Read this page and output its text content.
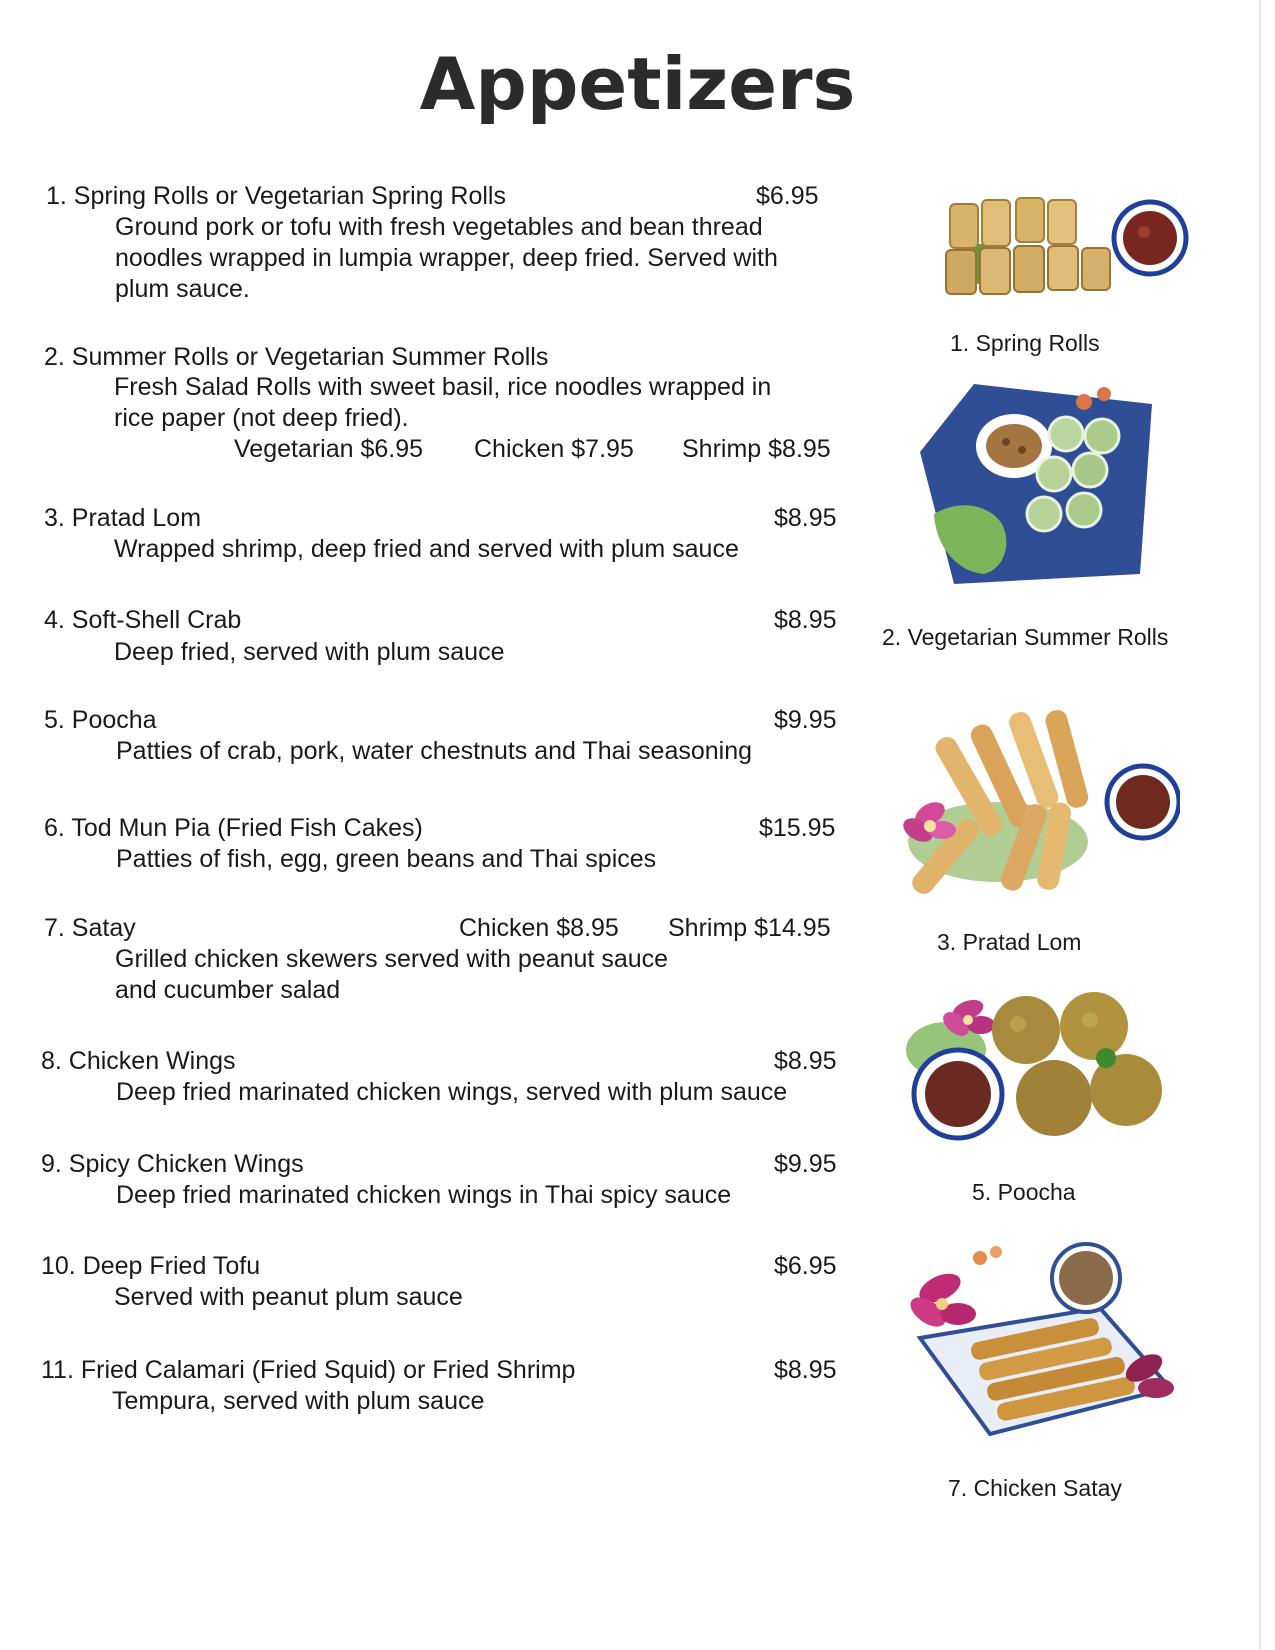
Appetizers
1. Spring Rolls or Vegetarian Spring Rolls	$6.95
Ground pork or tofu with fresh vegetables and bean thread
noodles wrapped in lumpia wrapper, deep fried. Served with
plum sauce.
2. Summer Rolls or Vegetarian Summer Rolls
Fresh Salad Rolls with sweet basil, rice noodles wrapped in
rice paper (not deep fried).
Vegetarian $6.95 Chicken $7.95 Shrimp $8.95
3. Pratad Lom	$8.95
Wrapped shrimp, deep fried and served with plum sauce
4. Soft-Shell Crab	$8.95
Deep fried, served with plum sauce
5. Poocha	$9.95
Patties of crab, pork, water chestnuts and Thai seasoning
6. Tod Mun Pia (Fried Fish Cakes)	$15.95
Patties of fish, egg, green beans and Thai spices
7. Satay	Chicken $8.95 Shrimp $14.95
Grilled chicken skewers served with peanut sauce
and cucumber salad
8. Chicken Wings	$8.95
Deep fried marinated chicken wings, served with plum sauce
9. Spicy Chicken Wings	$9.95
Deep fried marinated chicken wings in Thai spicy sauce
10. Deep Fried Tofu	$6.95
Served with peanut plum sauce
11. Fried Calamari (Fried Squid) or Fried Shrimp	$8.95
Tempura, served with plum sauce
1. Spring Rolls
2. Vegetarian Summer Rolls
3. Pratad Lom
5. Poocha
7. Chicken Satay
